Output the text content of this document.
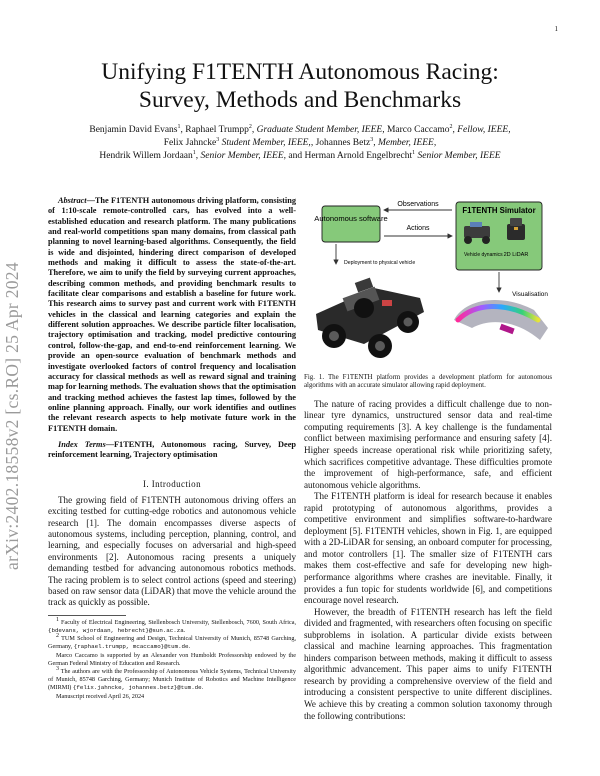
1
arXiv:2402.18558v2 [cs.RO] 25 Apr 2024
Unifying F1TENTH Autonomous Racing:
Survey, Methods and Benchmarks
Benjamin David Evans$^1$, Raphael Trumpp$^2$, Graduate Student Member, IEEE, Marco Caccamo$^2$, Fellow, IEEE,
Felix Jahncke$^3$ Student Member, IEEE,, Johannes Betz$^3$, Member, IEEE,
Hendrik Willem Jordaan$^1$, Senior Member, IEEE, and Herman Arnold Engelbrecht$^1$ Senior Member, IEEE

Abstract—The F1TENTH autonomous driving platform, consisting of 1:10-scale remote-controlled cars, has evolved into a well-established education and research platform. The many publications and real-world competitions span many domains, from classical path planning to novel learning-based algorithms. Consequently, the field is wide and disjointed, hindering direct comparison of developed methods and making it difficult to assess the state-of-the-art. Therefore, we aim to unify the field by surveying current approaches, describing common methods, and providing benchmark results to facilitate clear comparisons and establish a baseline for future work. This research aims to survey past and current work with F1TENTH vehicles in the classical and learning categories and explain the different solution approaches. We describe particle filter localisation, trajectory optimisation and tracking, model predictive contouring control, follow-the-gap, and end-to-end reinforcement learning. We provide an open-source evaluation of benchmark methods and investigate overlooked factors of control frequency and localisation accuracy for classical methods as well as reward signal and training map for learning methods. The evaluation shows that the optimisation and tracking method achieves the fastest lap times, followed by the online planning approach. Finally, our work identifies and outlines the relevant research aspects to help motivate future work in the F1TENTH domain.

Index Terms—F1TENTH, Autonomous racing, Survey, Deep reinforcement learning, Trajectory optimisation

I. Introduction

The growing field of F1TENTH autonomous driving offers an exciting testbed for cutting-edge robotics and autonomous vehicle research [1]. The domain encompasses diverse aspects of autonomous systems, including perception, planning, control, and learning, and especially focuses on adversarial and high-speed environments [2]. Autonomous racing presents a uniquely demanding testbed for advancing autonomous robotics methods. The racing problem is to select control actions (speed and steering) based on raw sensor data (LiDAR) that move the vehicle around the track as quickly as possible.

$^1$ Faculty of Electrical Engineering, Stellenbosch University, Stellenbosch, 7600, South Africa, {bdevans, wjordaan, hebrecht}@sun.ac.za.

$^2$ TUM School of Engineering and Design, Technical University of Munich, 85748 Garching, Germany, {raphael.trumpp, mcaccamo}@tum.de.

Marco Caccamo is supported by an Alexander von Humboldt Professorship endowed by the German Federal Ministry of Education and Research.

$^3$ The authors are with the Professorship of Autonomous Vehicle Systems, Technical University of Munich, 85748 Garching, Germany; Munich Institute of Robotics and Machine Intelligence (MIRMI) {felix.jahncke, johannes.betz}@tum.de.

Manuscript received April 26, 2024

Autonomous software
Observations
Actions
F1TENTH Simulator
Vehicle dynamics 2D LiDAR
Deployment to physical vehicle
Visualisation

Fig. 1. The F1TENTH platform provides a development platform for autonomous algorithms with an accurate simulator allowing rapid deployment.

The nature of racing provides a difficult challenge due to non-linear tyre dynamics, unstructured sensor data and real-time computing requirements [3]. A key challenge is the fundamental conflict between maximising performance and ensuring safety [4]. Higher speeds increase operational risk while prioritizing safety, which sacrifices competitive advantage. These difficulties promote the improvement of high-performance, safe, and efficient autonomous vehicle algorithms.

The F1TENTH platform is ideal for research because it enables rapid prototyping of autonomous algorithms, provides a competitive environment and simplifies software-to-hardware deployment [5]. F1TENTH vehicles, shown in Fig. 1, are equipped with a 2D-LiDAR for sensing, an onboard computer for processing, and motor controllers [1]. The smaller size of F1TENTH cars makes them cost-effective and safe for developing new high-performance algorithms where crashes are inevitable. Finally, it provides a fun topic for students worldwide [6], and competitions encourage novel research.

However, the breadth of F1TENTH research has left the field divided and fragmented, with researchers often focusing on specific subproblems in isolation. A particular divide exists between classical and machine learning approaches. This fragmentation hinders comparison between methods, making it difficult to assess algorithmic advancement. This paper aims to unify F1TENTH research by providing a comprehensive overview of the field and introducing a consistent perspective to unite different disciplines. We achieve this by creating a common solution taxonomy through the following contributions:
